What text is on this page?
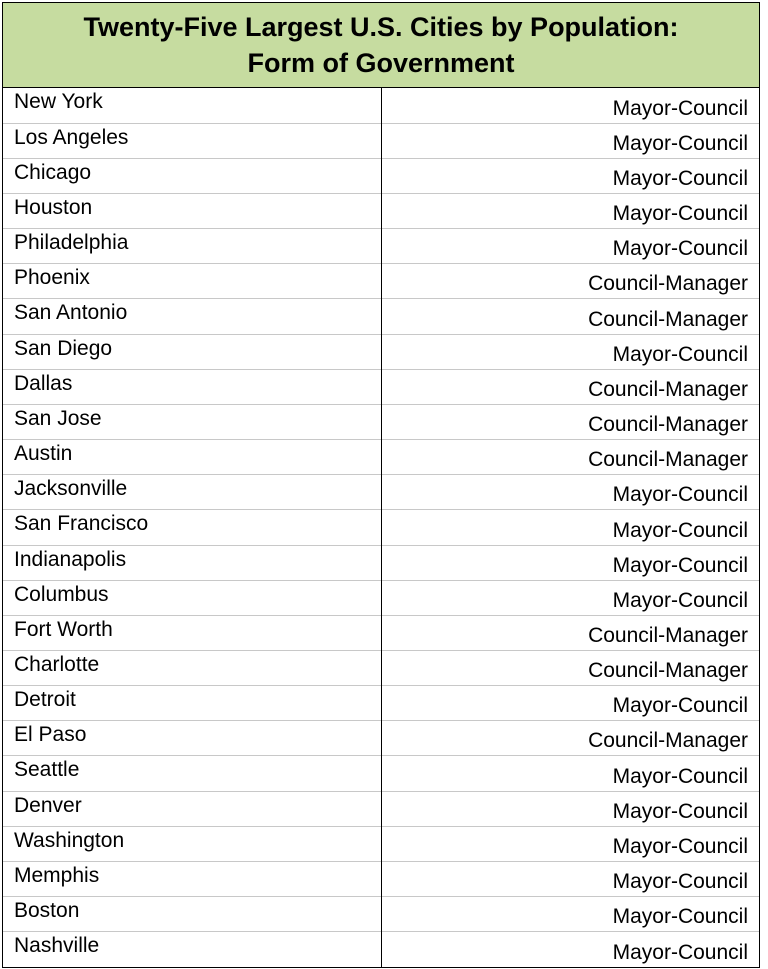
Twenty-Five Largest U.S. Cities by Population:
Form of Government
New York	Mayor-Council
Los Angeles	Mayor-Council
Chicago	Mayor-Council
Houston	Mayor-Council
Philadelphia	Mayor-Council
Phoenix	Council-Manager
San Antonio	Council-Manager
San Diego	Mayor-Council
Dallas	Council-Manager
San Jose	Council-Manager
Austin	Council-Manager
Jacksonville	Mayor-Council
San Francisco	Mayor-Council
Indianapolis	Mayor-Council
Columbus	Mayor-Council
Fort Worth	Council-Manager
Charlotte	Council-Manager
Detroit	Mayor-Council
El Paso	Council-Manager
Seattle	Mayor-Council
Denver	Mayor-Council
Washington	Mayor-Council
Memphis	Mayor-Council
Boston	Mayor-Council
Nashville	Mayor-Council
